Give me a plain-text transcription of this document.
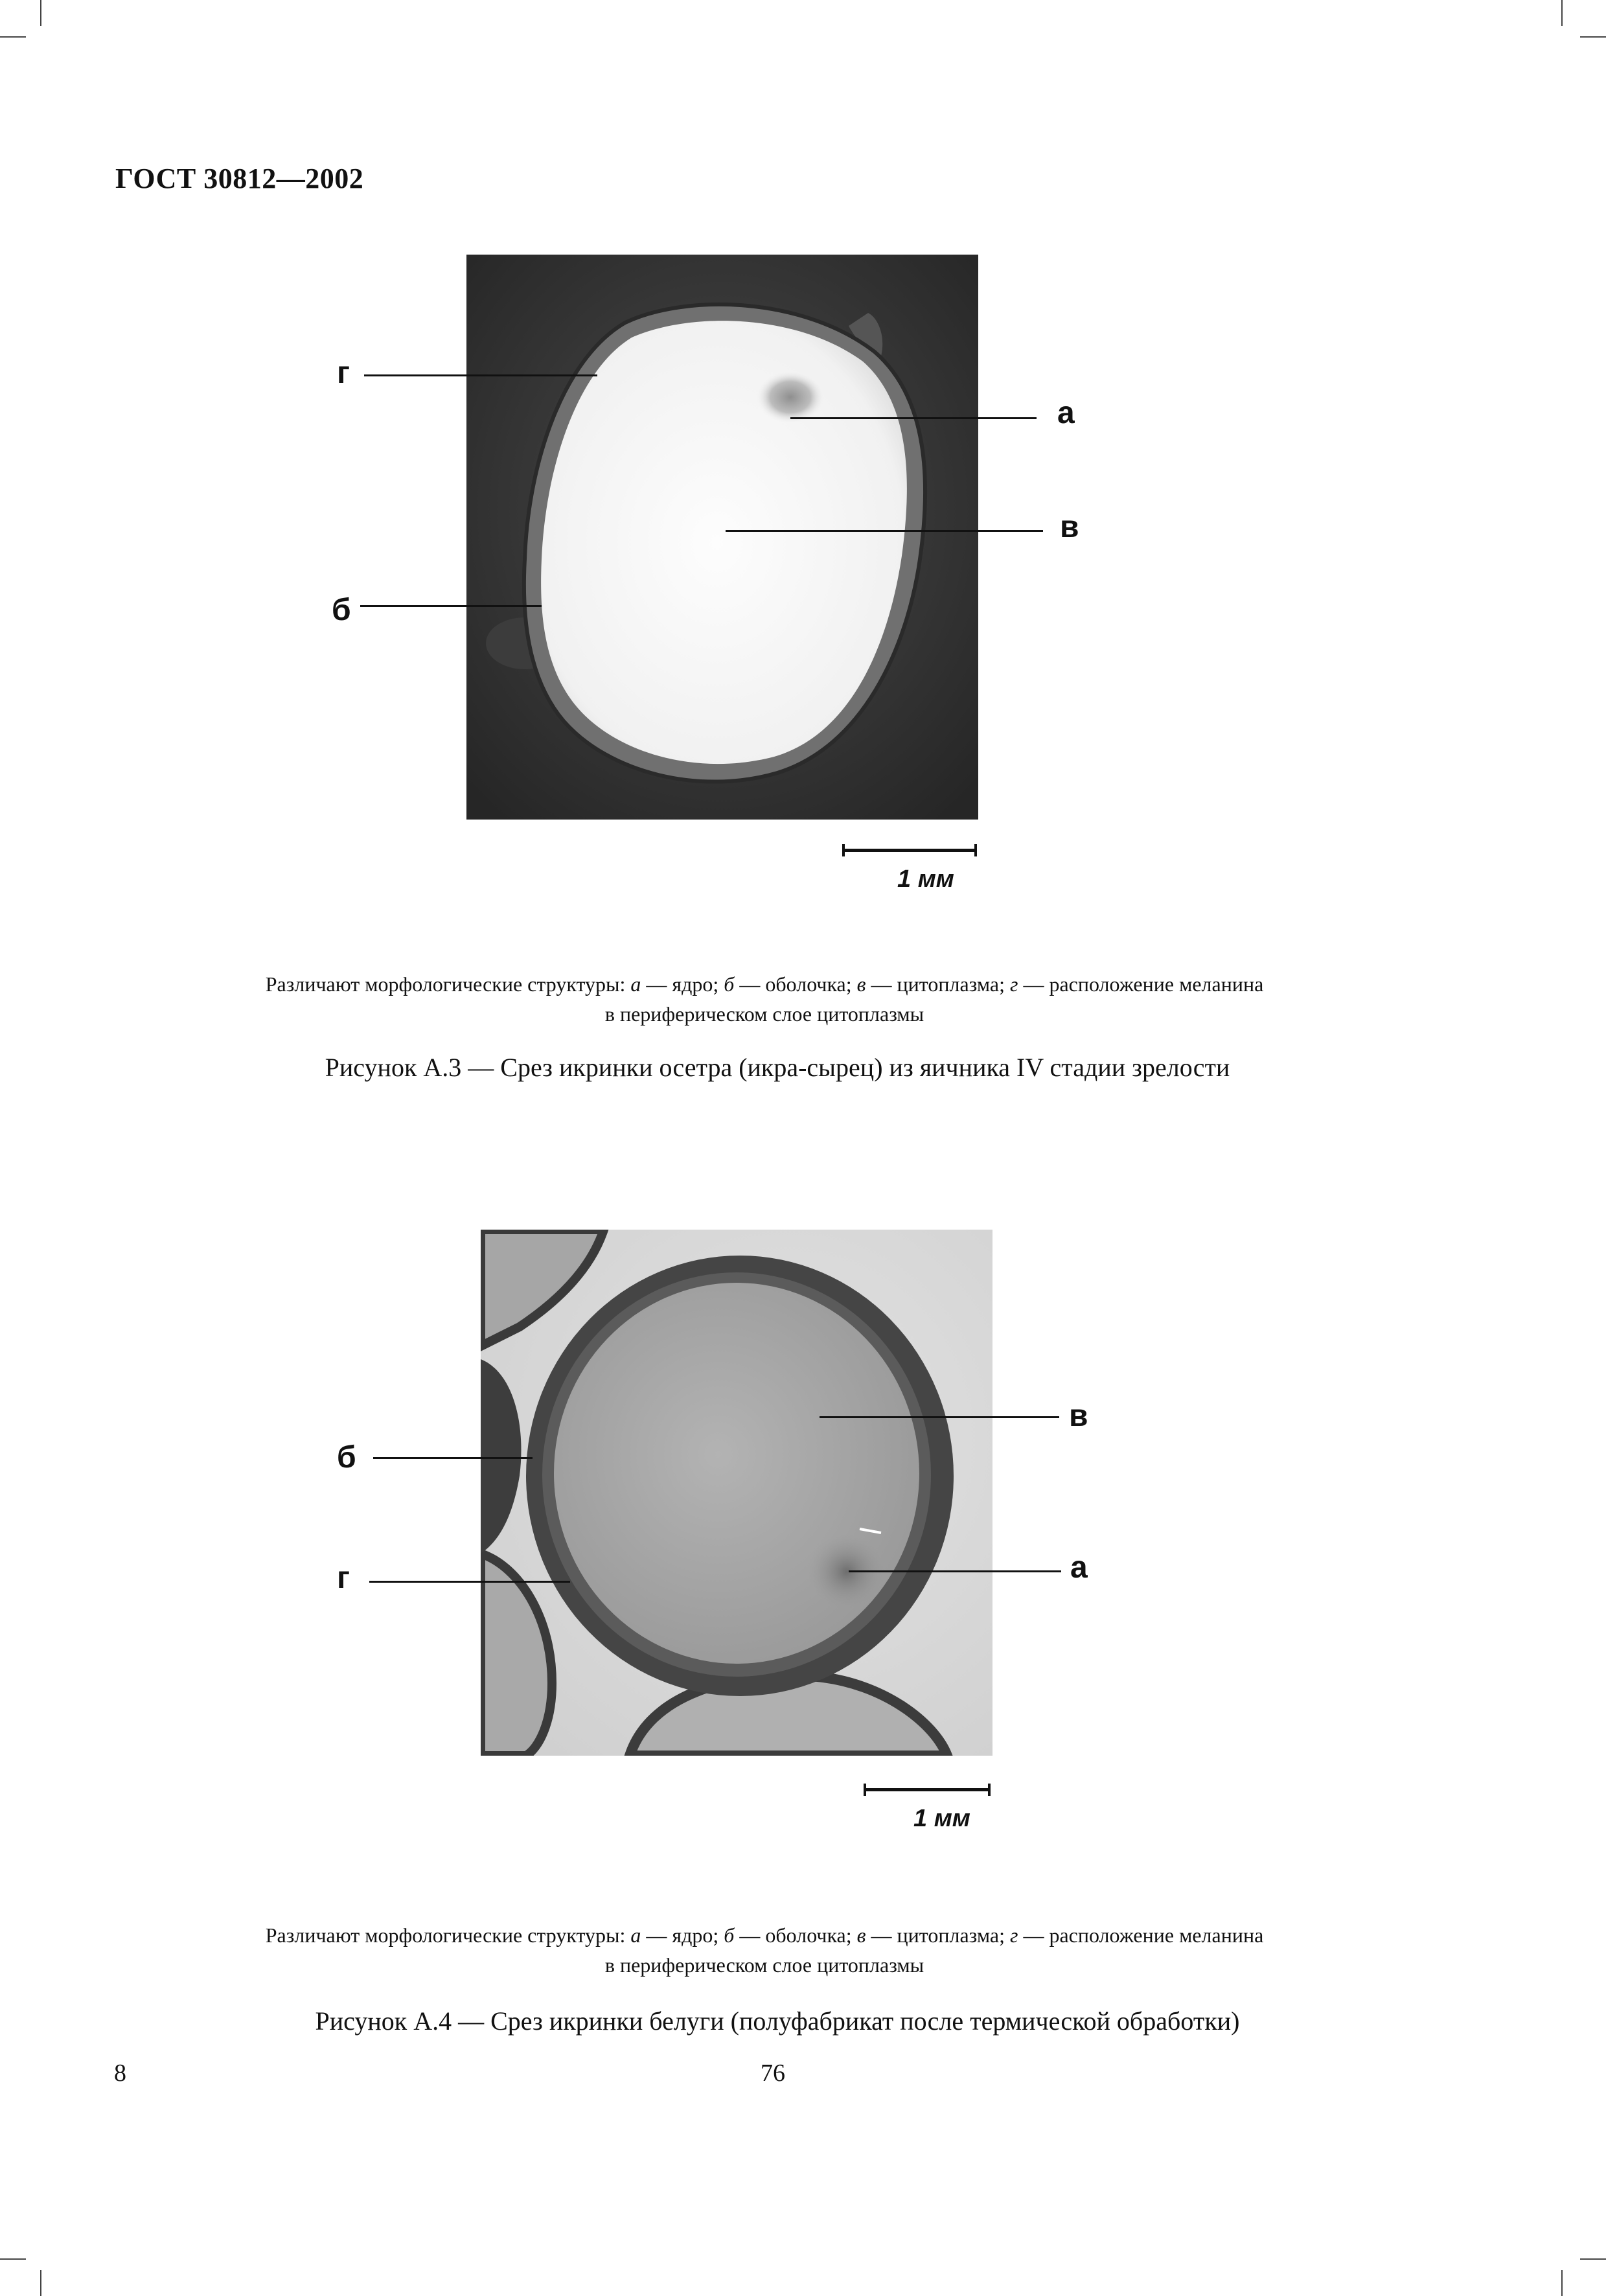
ГОСТ 30812—2002
г
а
в
б
1 мм
Различают морфологические структуры: а — ядро; б — оболочка; в — цитоплазма; г — расположение меланина
в периферическом слое цитоплазмы
Рисунок А.3 — Срез икринки осетра (икра-сырец) из яичника IV стадии зрелости
в
б
а
г
1 мм
Различают морфологические структуры: а — ядро; б — оболочка; в — цитоплазма; г — расположение меланина
в периферическом слое цитоплазмы
Рисунок А.4 — Срез икринки белуги (полуфабрикат после термической обработки)
8	76
